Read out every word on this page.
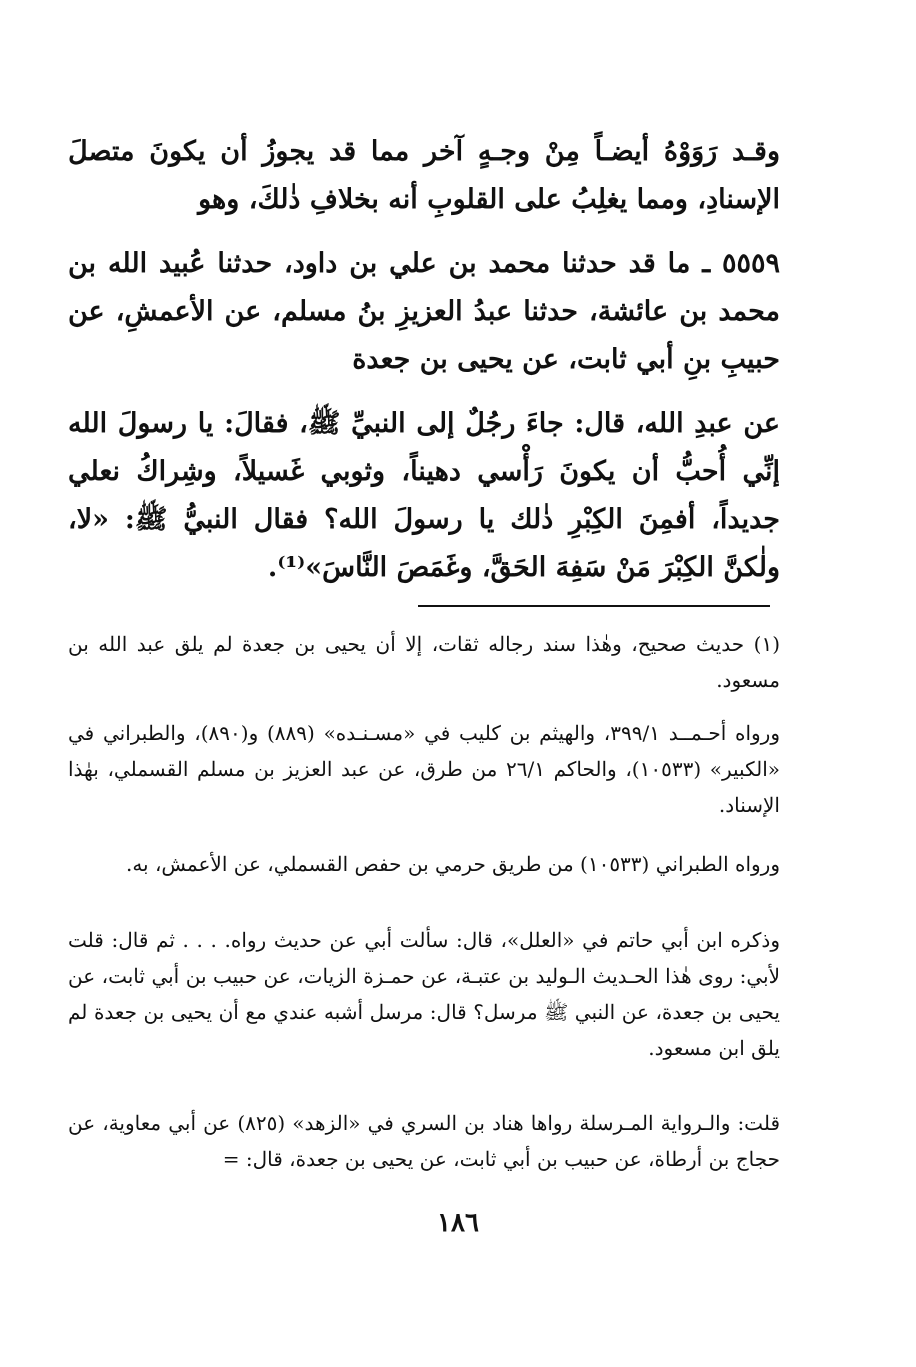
وقـد رَوَوْهُ أيضـاً مِنْ وجـهٍ آخر مما قد يجوزُ أن يكونَ متصلَ الإسنادِ، ومما يغلِبُ على القلوبِ أنه بخلافِ ذٰلكَ، وهو

٥٥٥٩ ـ ما قد حدثنا محمد بن علي بن داود، حدثنا عُبيد الله بن محمد بن عائشة، حدثنا عبدُ العزيزِ بنُ مسلم، عن الأعمشِ، عن حبيبِ بنِ أبي ثابت، عن يحيى بن جعدة

عن عبدِ الله، قال: جاءَ رجُلٌ إلى النبيِّ ﷺ، فقالَ: يا رسولَ الله إنِّي أُحبُّ أن يكونَ رَأْسي دهيناً، وثوبي غَسيلاً، وشِراكُ نعلي جديداً، أفمِنَ الكِبْرِ ذٰلك يا رسولَ الله؟ فقال النبيُّ ﷺ: «لا، ولٰكنَّ الكِبْرَ مَنْ سَفِهَ الحَقَّ، وغَمَصَ النَّاسَ»⁽¹⁾.

(١) حديث صحيح، وهٰذا سند رجاله ثقات، إلا أن يحيى بن جعدة لم يلق عبد الله بن مسعود.

ورواه أحـمــد ٣٩٩/١، والهيثم بن كليب في «مسـنـده» (٨٨٩) و(٨٩٠)، والطبراني في «الكبير» (١٠٥٣٣)، والحاكم ٢٦/١ من طرق، عن عبد العزيز بن مسلم القسملي، بهٰذا الإسناد.

ورواه الطبراني (١٠٥٣٣) من طريق حرمي بن حفص القسملي، عن الأعمش، به.

وذكره ابن أبي حاتم في «العلل»، قال: سألت أبي عن حديث رواه. . . . ثم قال: قلت لأبي: روى هٰذا الحـديث الـوليد بن عتبـة، عن حمـزة الزيات، عن حبيب بن أبي ثابت، عن يحيى بن جعدة، عن النبي ﷺ مرسل؟ قال: مرسل أشبه عندي مع أن يحيى بن جعدة لم يلق ابن مسعود.

قلت: والـرواية المـرسلة رواها هناد بن السري في «الزهد» (٨٢٥) عن أبي معاوية، عن حجاج بن أرطاة، عن حبيب بن أبي ثابت، عن يحيى بن جعدة، قال: =

١٨٦
